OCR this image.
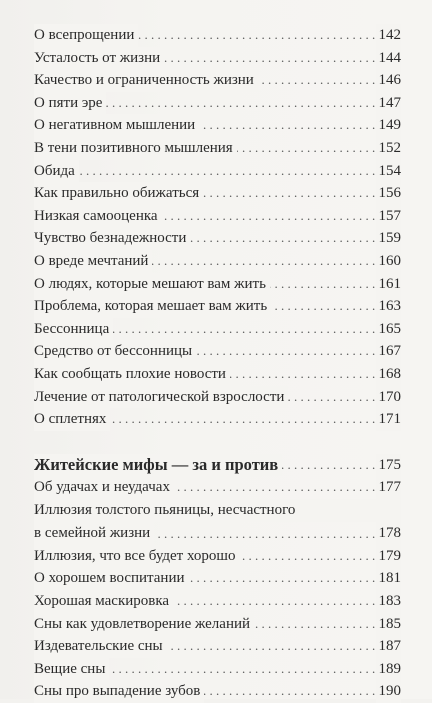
. . .
О всепрощении	142
. . .
Усталость от жизни	144
. . .
Качество и ограниченность жизни	146
. . .
О пяти эре	147
. . .
О негативном мышлении	149
. . .
В тени позитивного мышления	152
. . .
Обида	154
. . .
Как правильно обижаться	156
. . .
Низкая самооценка	157
. . .
Чувство безнадежности	159
. . .
О вреде мечтаний	160
. . .
О людях, которые мешают вам жить	161
. . .
Проблема, которая мешает вам жить	163
. . .
Бессонница	165
. . .
Средство от бессонницы	167
. . .
Как сообщать плохие новости	168
. . .
Лечение от патологической взрослости	170
. . .
О сплетнях	171
. . .
Житейские мифы — за и против	175
. . .
Об удачах и неудачах	177
Иллюзия толстого пьяницы, несчастного
. . .
в семейной жизни	178
. . .
Иллюзия, что все будет хорошо	179
. . .
О хорошем воспитании	181
. . .
Хорошая маскировка	183
. . .
Сны как удовлетворение желаний	185
. . .
Издевательские сны	187
. . .
Вещие сны	189
. . .
Сны про выпадение зубов	190
